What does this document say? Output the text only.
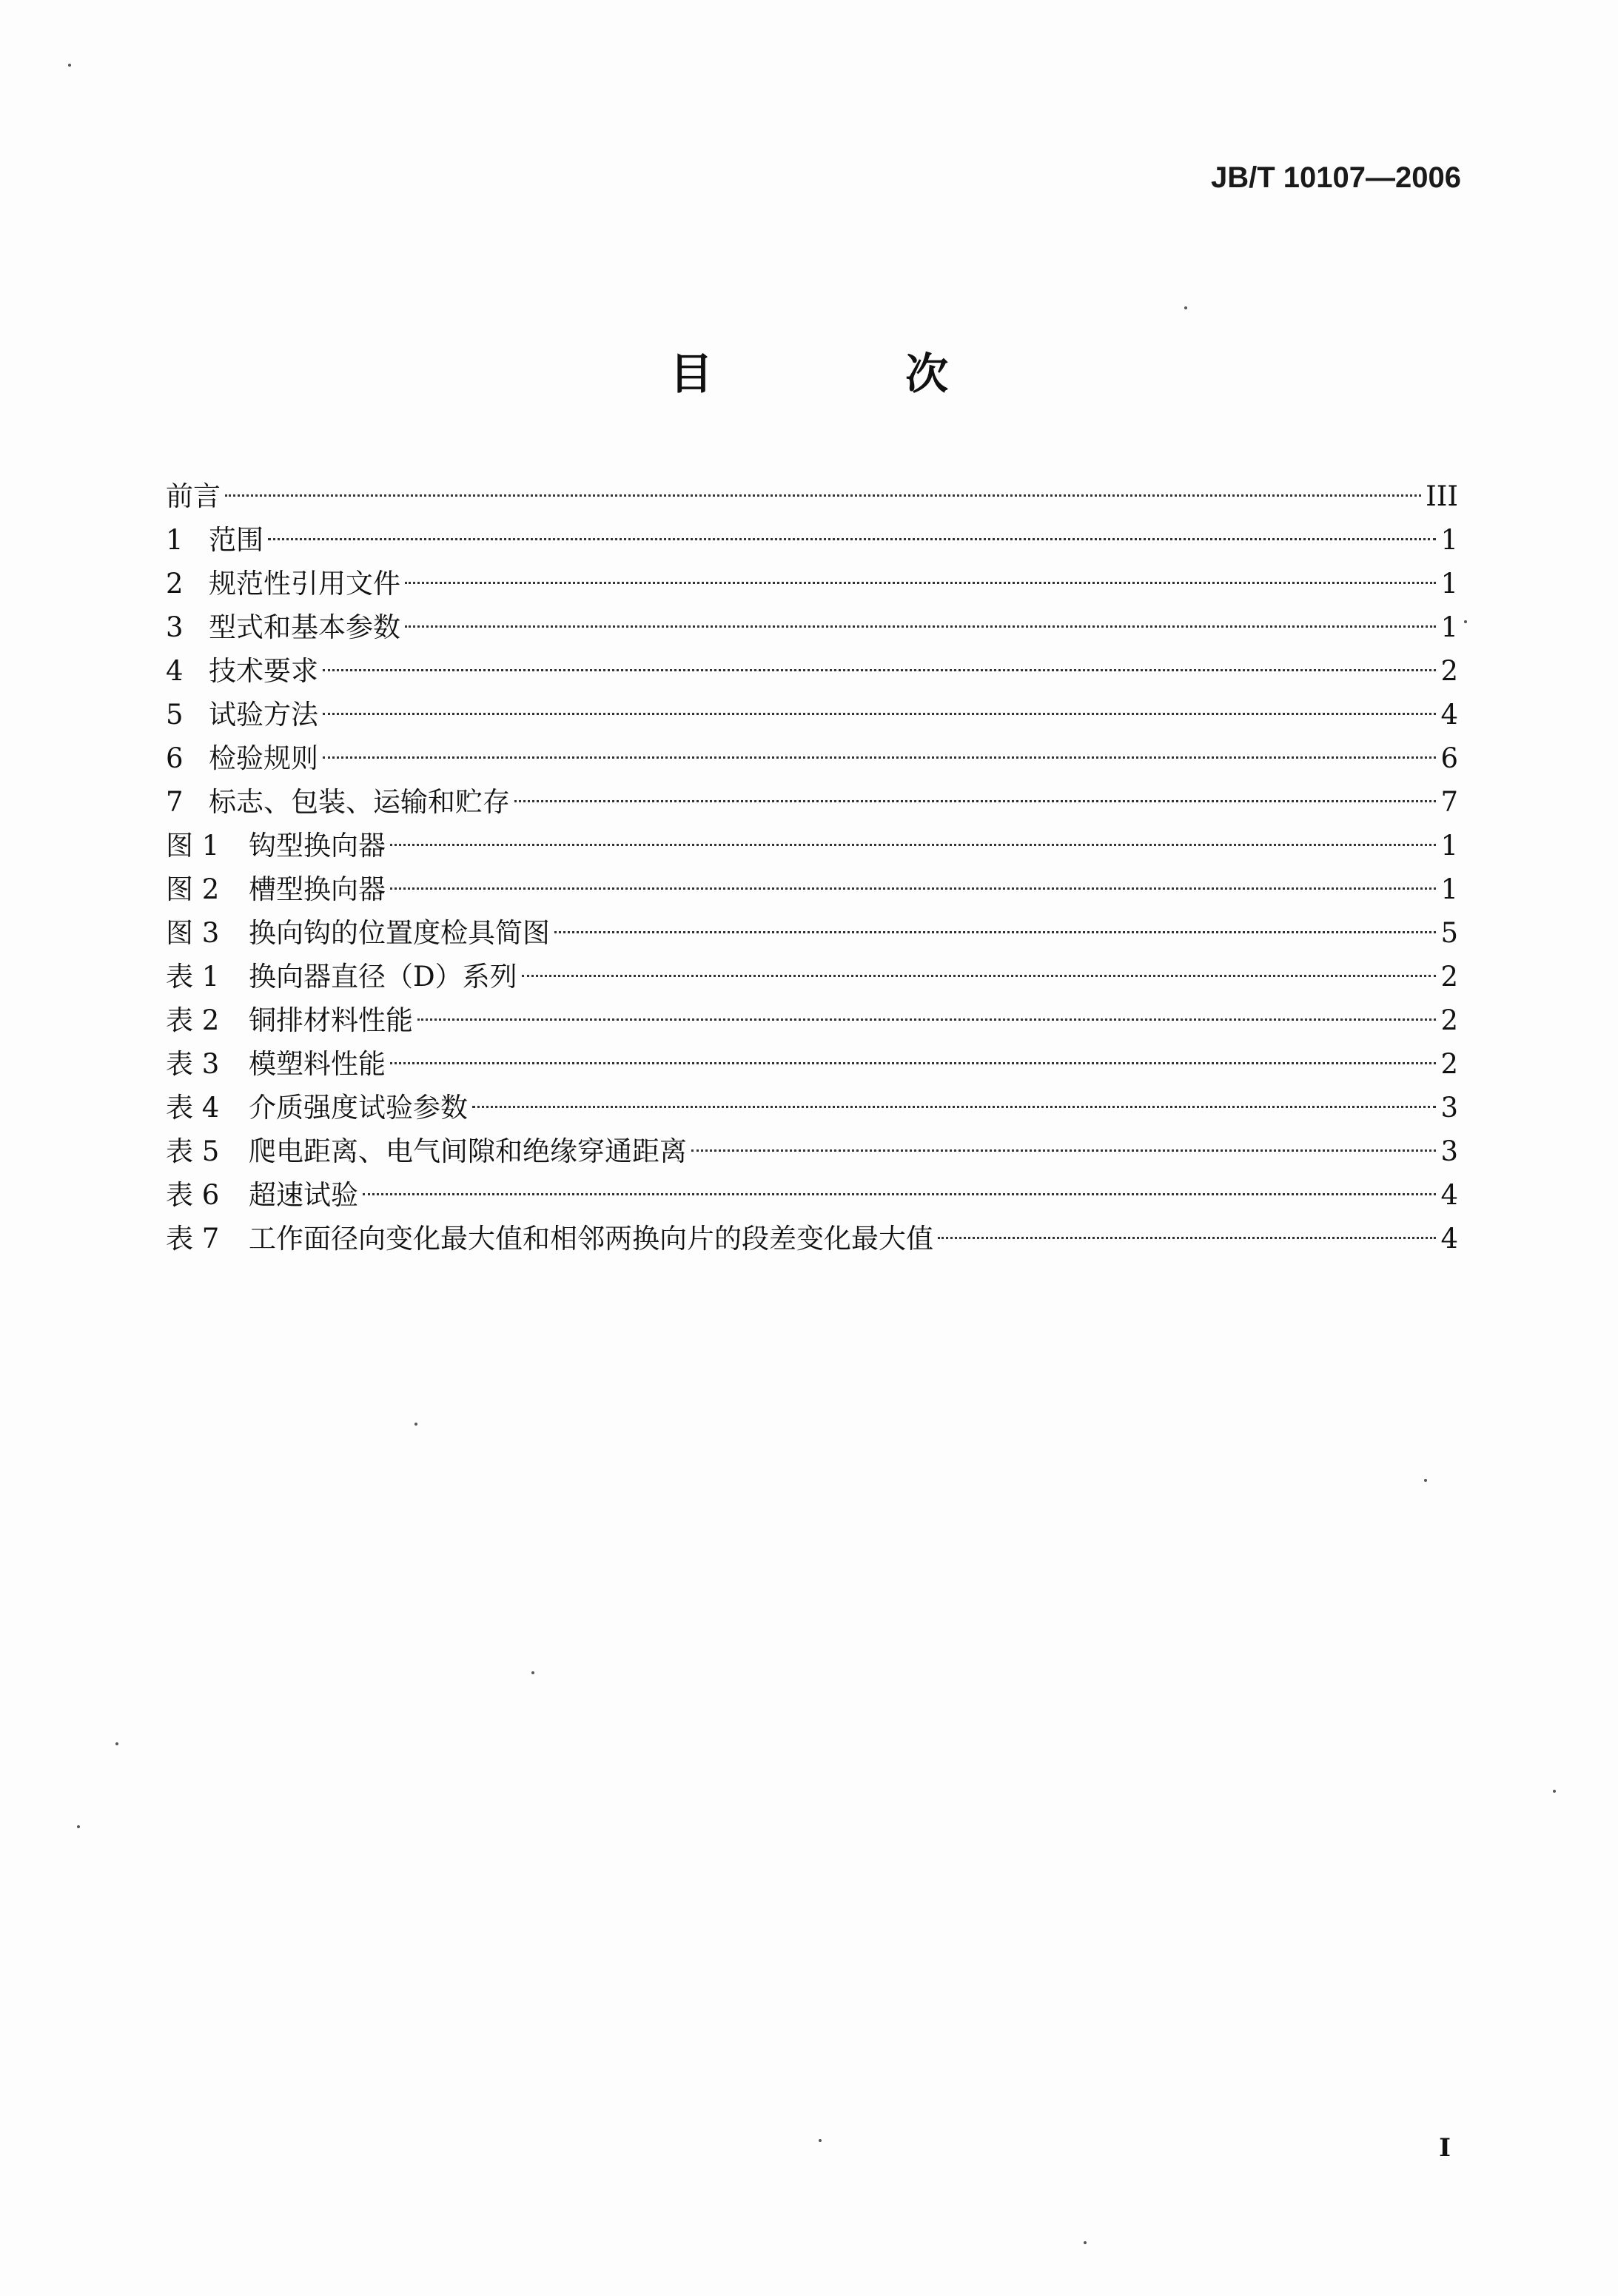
JB/T 10107—2006
目 次
前言	III
1 范围	1
2 规范性引用文件	1
3 型式和基本参数	1
4 技术要求	2
5 试验方法	4
6 检验规则	6
7 标志、包装、运输和贮存	7
图 1 钩型换向器	1
图 2 槽型换向器	1
图 3 换向钩的位置度检具简图	5
表 1 换向器直径（D）系列	2
表 2 铜排材料性能	2
表 3 模塑料性能	2
表 4 介质强度试验参数	3
表 5 爬电距离、电气间隙和绝缘穿通距离	3
表 6 超速试验	4
表 7 工作面径向变化最大值和相邻两换向片的段差变化最大值	4
I
